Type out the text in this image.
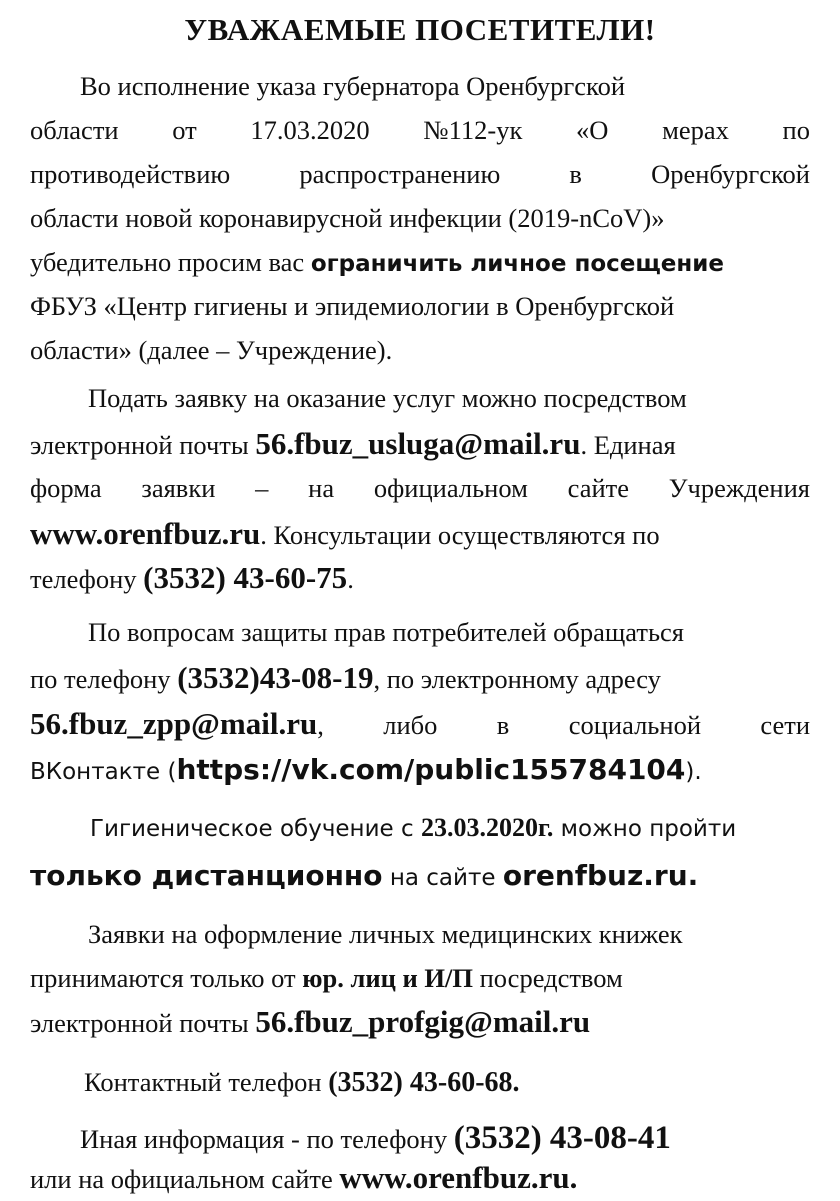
УВАЖАЕМЫЕ ПОСЕТИТЕЛИ!
Во исполнение указа губернатора Оренбургской
области от 17.03.2020 №112-ук «О мерах по
противодействию	распространению	в	Оренбургской
области новой коронавирусной инфекции (2019-nCoV)»
убедительно просим вас ограничить личное посещение
ФБУЗ «Центр гигиены и эпидемиологии в Оренбургской
области» (далее – Учреждение).
Подать заявку на оказание услуг можно посредством
электронной почты 56.fbuz_usluga@mail.ru . Единая
форма заявки – на официальном сайте Учреждения
www.orenfbuz.ru . Консультации осуществляются по
телефону (3532) 43-60-75 .
По вопросам защиты прав потребителей обращаться
по телефону (3532)43-08-19 , по электронному адресу
56.fbuz_zpp@mail.ru , либо в социальной сети
ВКонтакте ( https://vk.com/public155784104 ).
Гигиеническое обучение с 23.03.2020г. можно пройти
только дистанционно на сайте orenfbuz.ru.
Заявки на оформление личных медицинских книжек
принимаются только от юр. лиц и И/П посредством
электронной почты 56.fbuz_profgig@mail.ru
Контактный телефон (3532) 43-60-68.
Иная информация - по телефону (3532) 43-08-41
или на официальном сайте www.orenfbuz.ru.
